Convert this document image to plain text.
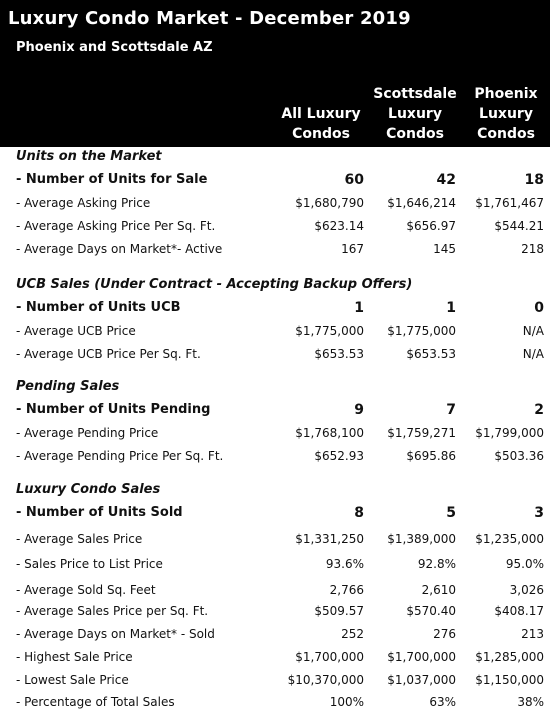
Luxury Condo Market - December 2019
Phoenix and Scottsdale AZ
All Luxury
Condos
Scottsdale
Luxury
Condos
Phoenix
Luxury
Condos
Units on the Market
- Number of Units for Sale	60	42	18
- Average Asking Price	$1,680,790 $1,646,214 $1,761,467
- Average Asking Price Per Sq. Ft.	$623.14	$656.97	$544.21
- Average Days on Market*- Active	167	145	218
UCB Sales (Under Contract - Accepting Backup Offers)
- Number of Units UCB	1	1	0
- Average UCB Price	$1,775,000 $1,775,000	N/A
- Average UCB Price Per Sq. Ft.	$653.53	$653.53	N/A
Pending Sales
- Number of Units Pending	9	7	2
- Average Pending Price	$1,768,100 $1,759,271 $1,799,000
- Average Pending Price Per Sq. Ft.	$652.93	$695.86	$503.36
Luxury Condo Sales
- Number of Units Sold	8	5	3
- Average Sales Price	$1,331,250 $1,389,000 $1,235,000
- Sales Price to List Price	93.6%	92.8%	95.0%
- Average Sold Sq. Feet	2,766	2,610	3,026
- Average Sales Price per Sq. Ft.	$509.57	$570.40	$408.17
- Average Days on Market* - Sold	252	276	213
- Highest Sale Price	$1,700,000 $1,700,000 $1,285,000
- Lowest Sale Price	$10,370,000 $1,037,000 $1,150,000
- Percentage of Total Sales	100%	63%	38%
